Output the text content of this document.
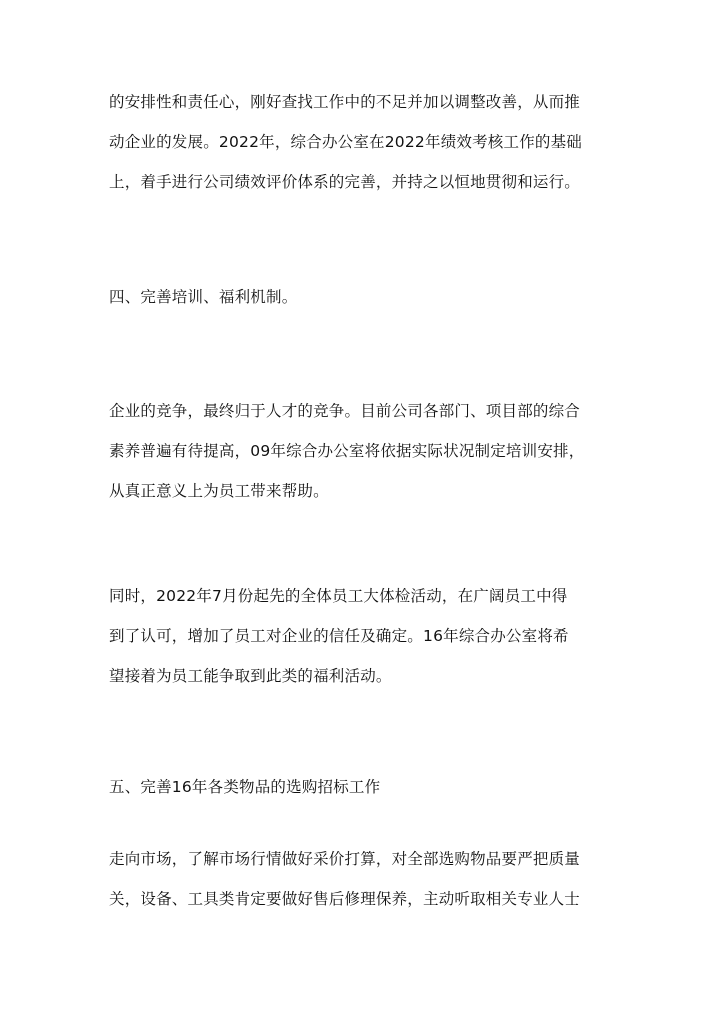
的安排性和责任心，刚好查找工作中的不足并加以调整改善，从而推
动企业的发展。2022年，综合办公室在2022年绩效考核工作的基础
上，着手进行公司绩效评价体系的完善，并持之以恒地贯彻和运行。
四、完善培训、福利机制。
企业的竞争，最终归于人才的竞争。目前公司各部门、项目部的综合
素养普遍有待提高，09年综合办公室将依据实际状况制定培训安排，
从真正意义上为员工带来帮助。
同时，2022年7月份起先的全体员工大体检活动，在广阔员工中得
到了认可，增加了员工对企业的信任及确定。16年综合办公室将希
望接着为员工能争取到此类的福利活动。
五、完善16年各类物品的选购招标工作
走向市场，了解市场行情做好采价打算，对全部选购物品要严把质量
关，设备、工具类肯定要做好售后修理保养，主动听取相关专业人士
